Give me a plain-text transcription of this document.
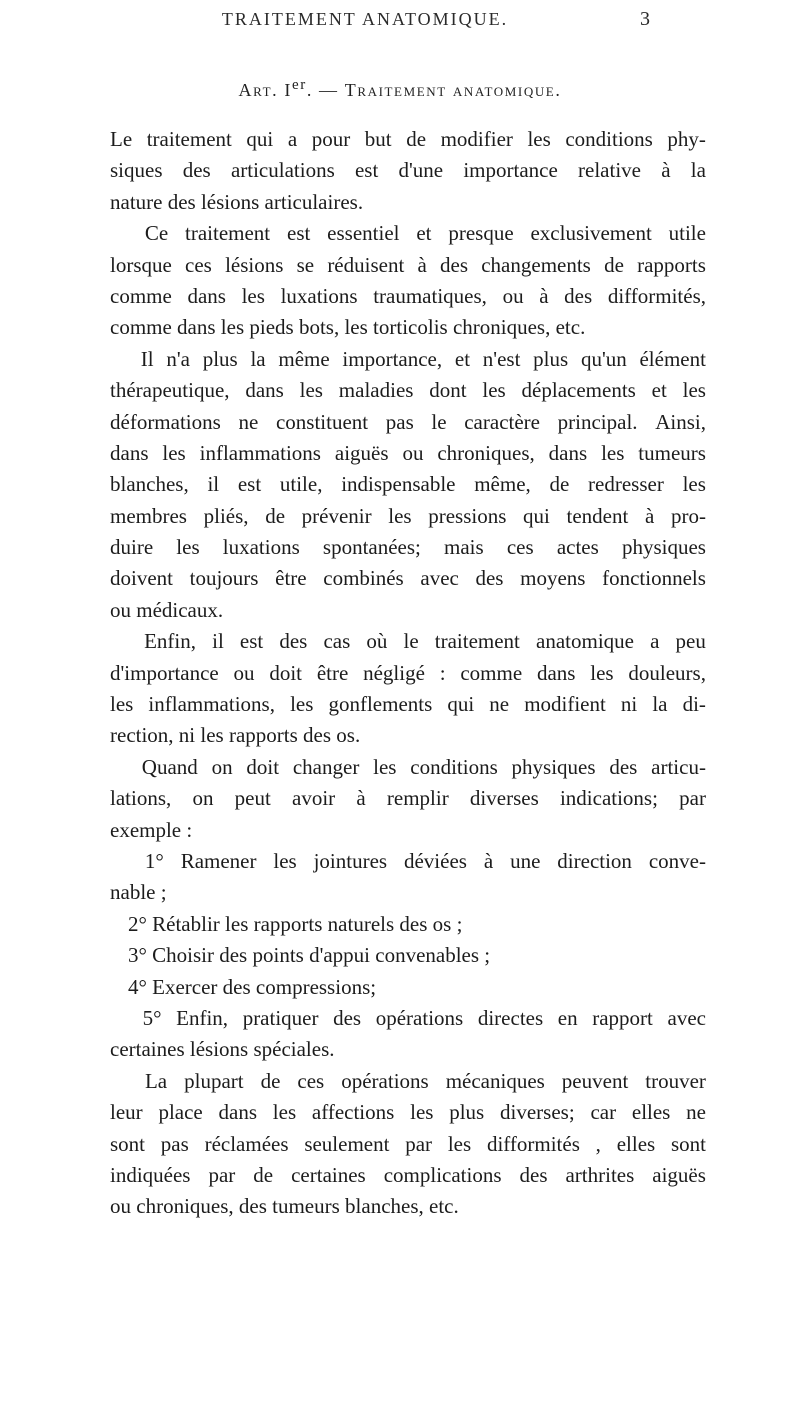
TRAITEMENT ANATOMIQUE.	3
Art. Ier. — Traitement anatomique.
Le traitement qui a pour but de modifier les conditions phy-
siques des articulations est d'une importance relative à la
nature des lésions articulaires.
Ce traitement est essentiel et presque exclusivement utile
lorsque ces lésions se réduisent à des changements de rapports
comme dans les luxations traumatiques, ou à des difformités,
comme dans les pieds bots, les torticolis chroniques, etc.
Il n'a plus la même importance, et n'est plus qu'un élément
thérapeutique, dans les maladies dont les déplacements et les
déformations ne constituent pas le caractère principal. Ainsi,
dans les inflammations aiguës ou chroniques, dans les tumeurs
blanches, il est utile, indispensable même, de redresser les
membres pliés, de prévenir les pressions qui tendent à pro-
duire les luxations spontanées; mais ces actes physiques
doivent toujours être combinés avec des moyens fonctionnels
ou médicaux.
Enfin, il est des cas où le traitement anatomique a peu
d'importance ou doit être négligé : comme dans les douleurs,
les inflammations, les gonflements qui ne modifient ni la di-
rection, ni les rapports des os.
Quand on doit changer les conditions physiques des articu-
lations, on peut avoir à remplir diverses indications; par
exemple :
1° Ramener les jointures déviées à une direction conve-
nable ;
2° Rétablir les rapports naturels des os ;
3° Choisir des points d'appui convenables ;
4° Exercer des compressions;
5° Enfin, pratiquer des opérations directes en rapport avec
certaines lésions spéciales.
La plupart de ces opérations mécaniques peuvent trouver
leur place dans les affections les plus diverses; car elles ne
sont pas réclamées seulement par les difformités , elles sont
indiquées par de certaines complications des arthrites aiguës
ou chroniques, des tumeurs blanches, etc.
